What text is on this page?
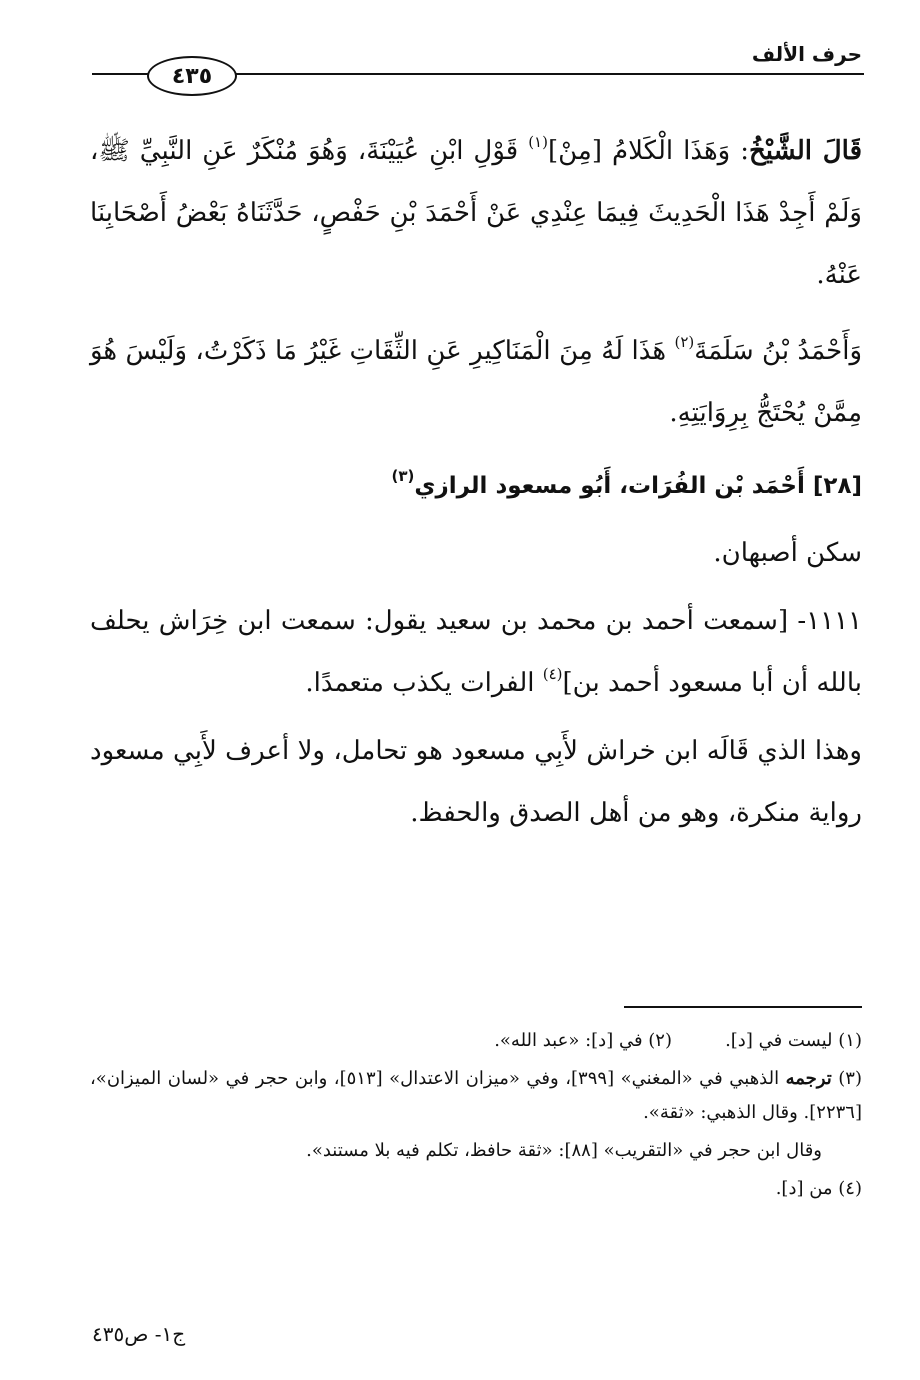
حرف الألف
٤٣٥

قَالَ الشَّيْخُ: وَهَذَا الْكَلامُ [مِنْ]$^{(١)}$ قَوْلِ ابْنِ عُيَيْنَةَ، وَهُوَ مُنْكَرٌ عَنِ النَّبِيِّ ﷺ، وَلَمْ أَجِدْ هَذَا الْحَدِيثَ فِيمَا عِنْدِي عَنْ أَحْمَدَ بْنِ حَفْصٍ، حَدَّثَنَاهُ بَعْضُ أَصْحَابِنَا عَنْهُ.

وَأَحْمَدُ بْنُ سَلَمَةَ$^{(٢)}$ هَذَا لَهُ مِنَ الْمَنَاكِيرِ عَنِ الثِّقَاتِ غَيْرُ مَا ذَكَرْتُ، وَلَيْسَ هُوَ مِمَّنْ يُحْتَجُّ بِرِوَايَتِهِ.

[٢٨] أَحْمَد بْن الفُرَات، أَبُو مسعود الرازي$^{(٣)}$

سكن أصبهان.

١١١١- [سمعت أحمد بن محمد بن سعيد يقول: سمعت ابن خِرَاش يحلف بالله أن أبا مسعود أحمد بن]$^{(٤)}$ الفرات يكذب متعمدًا.

وهذا الذي قَالَه ابن خراش لأَبِي مسعود هو تحامل، ولا أعرف لأَبِي مسعود رواية منكرة، وهو من أهل الصدق والحفظ.

(١) ليست في [د].
(٢) في [د]: «عبد الله».

(٣) ترجمه الذهبي في «المغني» [٣٩٩]، وفي «ميزان الاعتدال» [٥١٣]، وابن حجر في «لسان الميزان»، [٢٢٣٦]. وقال الذهبي: «ثقة».

وقال ابن حجر في «التقريب» [٨٨]: «ثقة حافظ، تكلم فيه بلا مستند».

(٤) من [د].

ج١- ص٤٣٥
